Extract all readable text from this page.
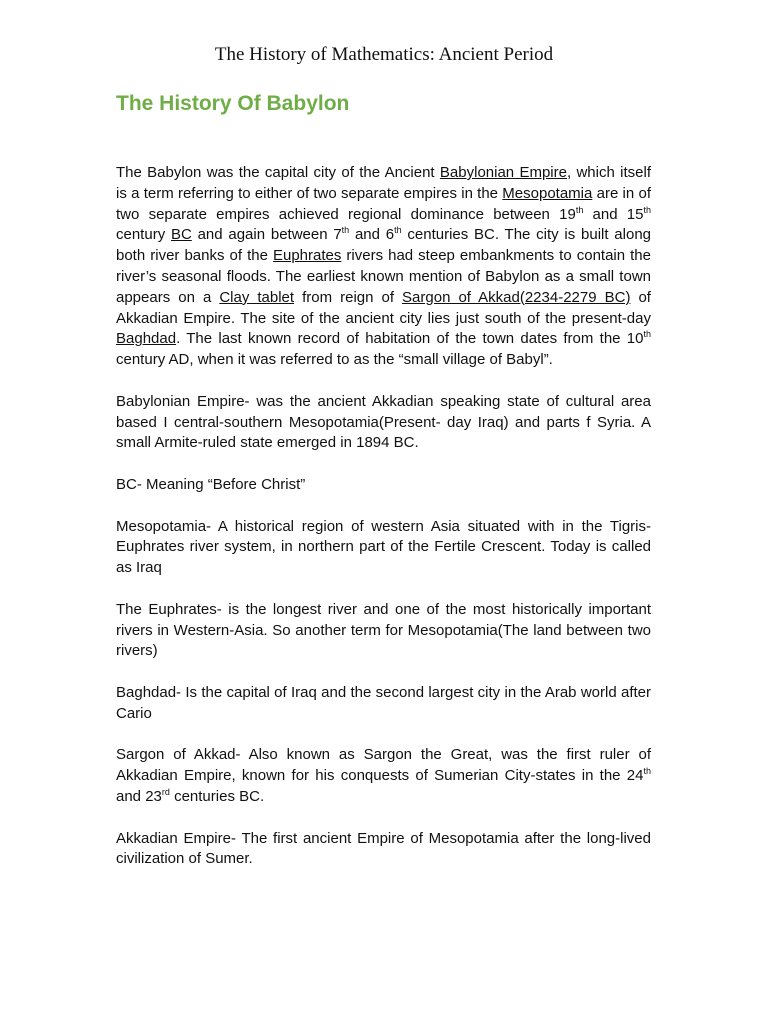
The History of Mathematics: Ancient Period
The History Of Babylon

The Babylon was the capital city of the Ancient Babylonian Empire, which itself is a term referring to either of two separate empires in the Mesopotamia are in of two separate empires achieved regional dominance between 19th and 15th century BC and again between 7th and 6th centuries BC. The city is built along both river banks of the Euphrates rivers had steep embankments to contain the river’s seasonal floods. The earliest known mention of Babylon as a small town appears on a Clay tablet from reign of Sargon of Akkad(2234-2279 BC) of Akkadian Empire. The site of the ancient city lies just south of the present-day Baghdad. The last known record of habitation of the town dates from the 10th century AD, when it was referred to as the “small village of Babyl”.

Babylonian Empire- was the ancient Akkadian speaking state of cultural area based I central-southern Mesopotamia(Present- day Iraq) and parts f Syria. A small Armite-ruled state emerged in 1894 BC.

BC- Meaning “Before Christ”

Mesopotamia- A historical region of western Asia situated with in the Tigris-Euphrates river system, in northern part of the Fertile Crescent. Today is called as Iraq

The Euphrates- is the longest river and one of the most historically important rivers in Western-Asia. So another term for Mesopotamia(The land between two rivers)

Baghdad- Is the capital of Iraq and the second largest city in the Arab world after Cario

Sargon of Akkad- Also known as Sargon the Great, was the first ruler of Akkadian Empire, known for his conquests of Sumerian City-states in the 24th and 23rd centuries BC.

Akkadian Empire- The first ancient Empire of Mesopotamia after the long-lived civilization of Sumer.
